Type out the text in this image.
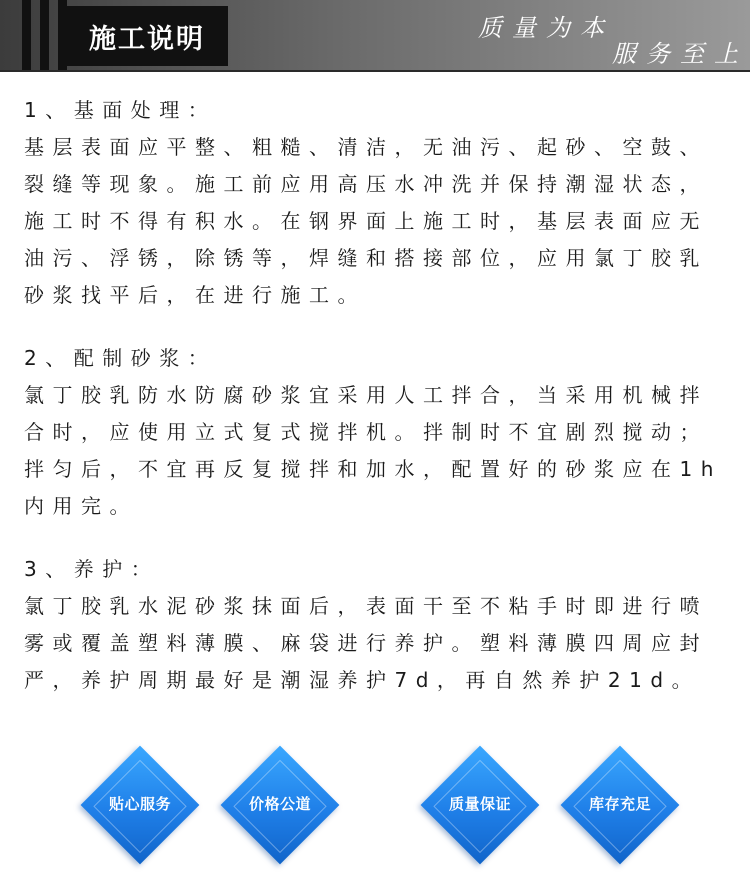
施工说明	质量为本
服务至上

1、基面处理：

基层表面应平整、粗糙、清洁，无油污、起砂、空鼓、裂缝等现象。施工前应用高压水冲洗并保持潮湿状态，施工时不得有积水。在钢界面上施工时，基层表面应无油污、浮锈，除锈等，焊缝和搭接部位，应用氯丁胶乳砂浆找平后，在进行施工。

2、配制砂浆：

氯丁胶乳防水防腐砂浆宜采用人工拌合，当采用机械拌合时，应使用立式复式搅拌机。拌制时不宜剧烈搅动；拌匀后，不宜再反复搅拌和加水，配置好的砂浆应在1h内用完。

3、养护：

氯丁胶乳水泥砂浆抹面后，表面干至不粘手时即进行喷雾或覆盖塑料薄膜、麻袋进行养护。塑料薄膜四周应封严，养护周期最好是潮湿养护7d，再自然养护21d。

贴心服务	价格公道	质量保证	库存充足
